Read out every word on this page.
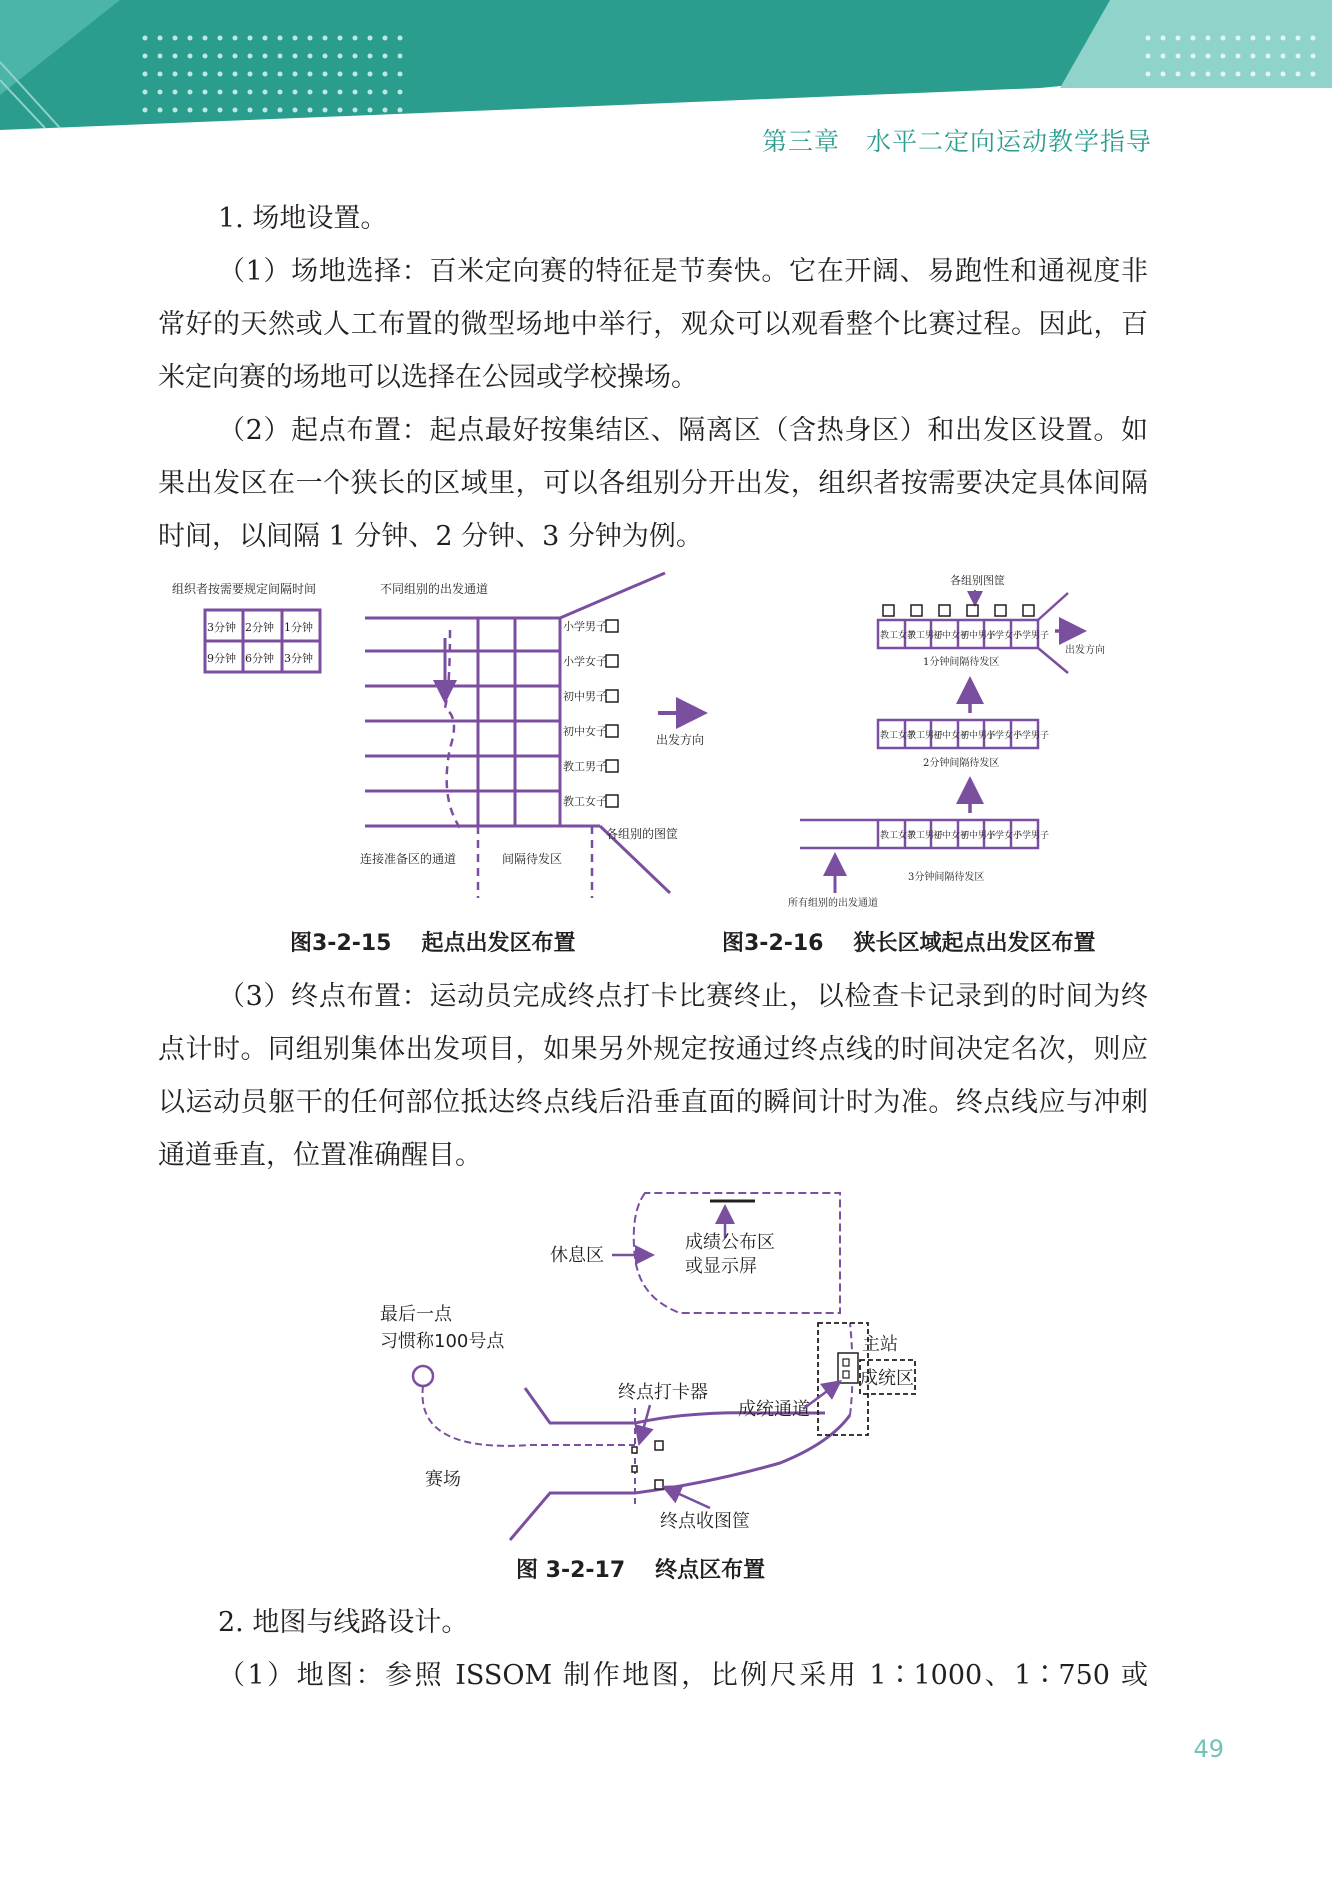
第三章　水平二定向运动教学指导

1. 场地设置。

（1）场地选择：百米定向赛的特征是节奏快。它在开阔、易跑性和通视度非常好的天然或人工布置的微型场地中举行，观众可以观看整个比赛过程。因此，百米定向赛的场地可以选择在公园或学校操场。

（2）起点布置：起点最好按集结区、隔离区（含热身区）和出发区设置。如果出发区在一个狭长的区域里，可以各组别分开出发，组织者按需要决定具体间隔时间，以间隔 1 分钟、2 分钟、3 分钟为例。

组织者按需要规定间隔时间
3分钟 2分钟 1分钟
9分钟 6分钟 3分钟
不同组别的出发通道
小学男子
小学女子
初中男子
初中女子
教工男子
教工女子
出发方向
各组别的图筐
连接准备区的通道	间隔待发区
各组别图筐
教工女子
教工男子
初中女子
初中男子
小学女子
小学男子
出发方向
1分钟间隔待发区
教工女子
教工男子
初中女子
初中男子
小学女子
小学男子
2分钟间隔待发区
教工女子
教工男子
初中女子
初中男子
小学女子
小学男子
3分钟间隔待发区
所有组别的出发通道
图3-2-15 起点出发区布置	图3-2-16 狭长区域起点出发区布置

（3）终点布置：运动员完成终点打卡比赛终止，以检查卡记录到的时间为终点计时。同组别集体出发项目，如果另外规定按通过终点线的时间决定名次，则应以运动员躯干的任何部位抵达终点线后沿垂直面的瞬间计时为准。终点线应与冲刺通道垂直，位置准确醒目。

成绩公布区
或显示屏
休息区
最后一点
习惯称100号点
终点打卡器
赛场
终点收图筐
主站
成统区
成统通道
图 3-2-17 终点区布置

2. 地图与线路设计。

（1）地图：参照 ISSOM 制作地图，比例尺采用 1∶1000、1∶750 或

49
